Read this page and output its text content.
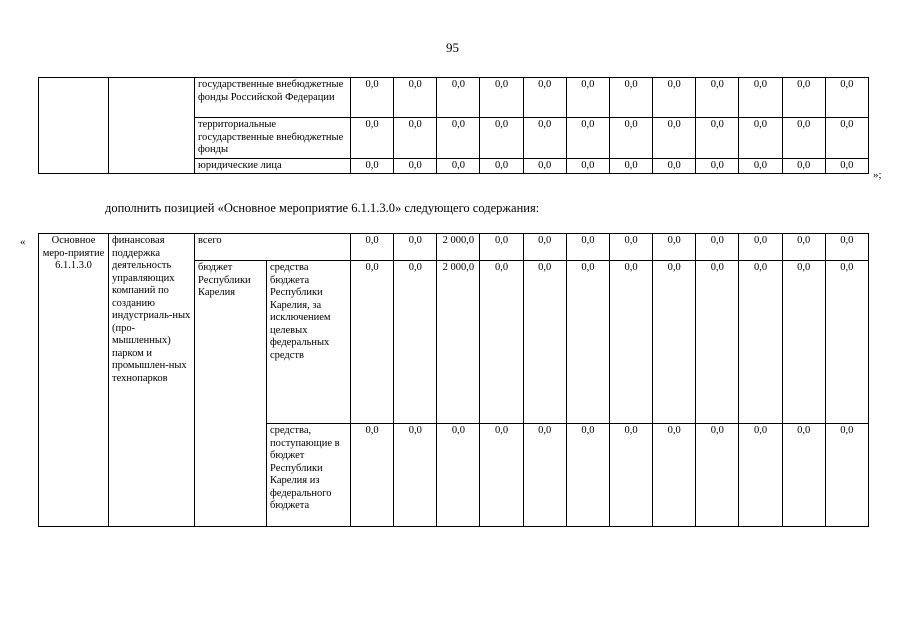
95
		государственные внебюджетные фонды Российской Федерации	0,0	0,0	0,0	0,0	0,0	0,0	0,0	0,0	0,0	0,0	0,0	0,0
		территориальные государственные внебюджетные фонды	0,0	0,0	0,0	0,0	0,0	0,0	0,0	0,0	0,0	0,0	0,0	0,0
		юридические лица	0,0	0,0	0,0	0,0	0,0	0,0	0,0	0,0	0,0	0,0	0,0	0,0
»;
дополнить позицией «Основное мероприятие 6.1.1.3.0» следующего содержания:
« Основное меро-приятие 6.1.1.3.0	финансовая поддержка деятельность управляющих компаний по созданию индустриаль-ных (про-мышленных) парком и промышлен-ных технопарков	всего		0,0	0,0	2 000,0	0,0	0,0	0,0	0,0	0,0	0,0	0,0	0,0	0,0
		бюджет Республики Карелия	средства бюджета Республики Карелия, за исключением целевых федеральных средств	0,0	0,0	2 000,0	0,0	0,0	0,0	0,0	0,0	0,0	0,0	0,0	0,0
			средства, поступающие в бюджет Республики Карелия из федерального бюджета	0,0	0,0	0,0	0,0	0,0	0,0	0,0	0,0	0,0	0,0	0,0	0,0
